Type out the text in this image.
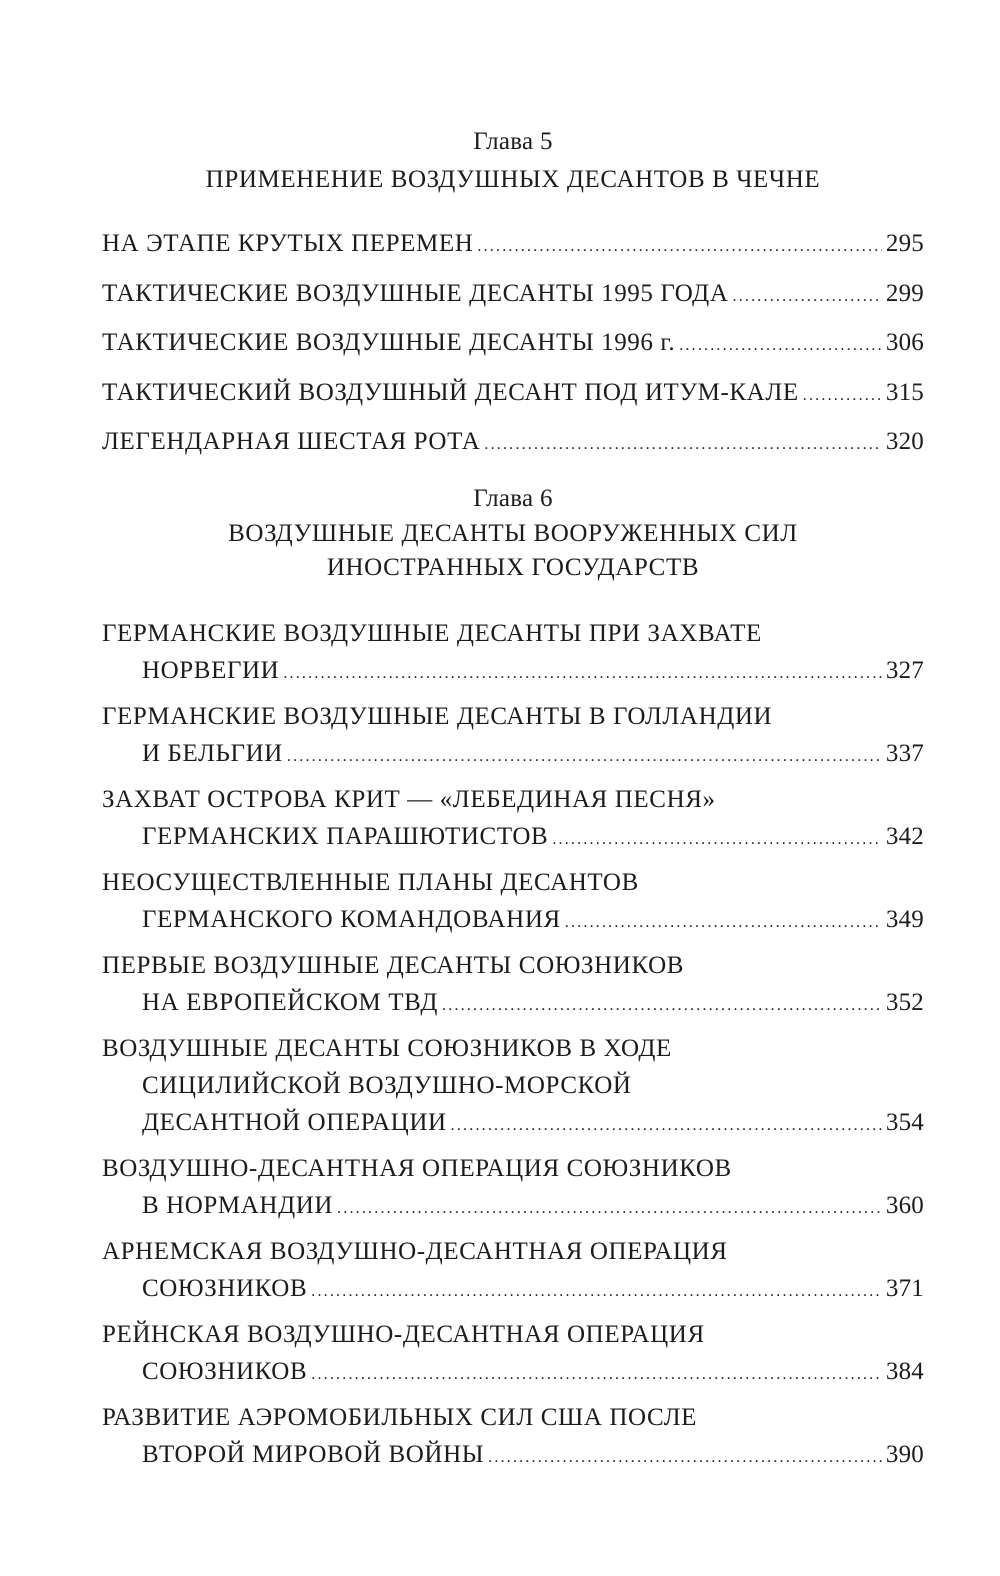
Глава 5
ПРИМЕНЕНИЕ ВОЗДУШНЫХ ДЕСАНТОВ В ЧЕЧНЕ
НА ЭТАПЕ КРУТЫХ ПЕРЕМЕН .....	295
ТАКТИЧЕСКИЕ ВОЗДУШНЫЕ ДЕСАНТЫ 1995 ГОДА .....	299
ТАКТИЧЕСКИЕ ВОЗДУШНЫЕ ДЕСАНТЫ 1996 г. .....	306
ТАКТИЧЕСКИЙ ВОЗДУШНЫЙ ДЕСАНТ ПОД ИТУМ-КАЛЕ .....	315
ЛЕГЕНДАРНАЯ ШЕСТАЯ РОТА .....	320
Глава 6
ВОЗДУШНЫЕ ДЕСАНТЫ ВООРУЖЕННЫХ СИЛ
ИНОСТРАННЫХ ГОСУДАРСТВ
ГЕРМАНСКИЕ ВОЗДУШНЫЕ ДЕСАНТЫ ПРИ ЗАХВАТЕ
НОРВЕГИИ .....	327
ГЕРМАНСКИЕ ВОЗДУШНЫЕ ДЕСАНТЫ В ГОЛЛАНДИИ
И БЕЛЬГИИ .....	337
ЗАХВАТ ОСТРОВА КРИТ — «ЛЕБЕДИНАЯ ПЕСНЯ»
ГЕРМАНСКИХ ПАРАШЮТИСТОВ .....	342
НЕОСУЩЕСТВЛЕННЫЕ ПЛАНЫ ДЕСАНТОВ
ГЕРМАНСКОГО КОМАНДОВАНИЯ .....	349
ПЕРВЫЕ ВОЗДУШНЫЕ ДЕСАНТЫ СОЮЗНИКОВ
НА ЕВРОПЕЙСКОМ ТВД .....	352
ВОЗДУШНЫЕ ДЕСАНТЫ СОЮЗНИКОВ В ХОДЕ
СИЦИЛИЙСКОЙ ВОЗДУШНО-МОРСКОЙ
ДЕСАНТНОЙ ОПЕРАЦИИ .....	354
ВОЗДУШНО-ДЕСАНТНАЯ ОПЕРАЦИЯ СОЮЗНИКОВ
В НОРМАНДИИ .....	360
АРНЕМСКАЯ ВОЗДУШНО-ДЕСАНТНАЯ ОПЕРАЦИЯ
СОЮЗНИКОВ .....	371
РЕЙНСКАЯ ВОЗДУШНО-ДЕСАНТНАЯ ОПЕРАЦИЯ
СОЮЗНИКОВ .....	384
РАЗВИТИЕ АЭРОМОБИЛЬНЫХ СИЛ США ПОСЛЕ
ВТОРОЙ МИРОВОЙ ВОЙНЫ .....	390
